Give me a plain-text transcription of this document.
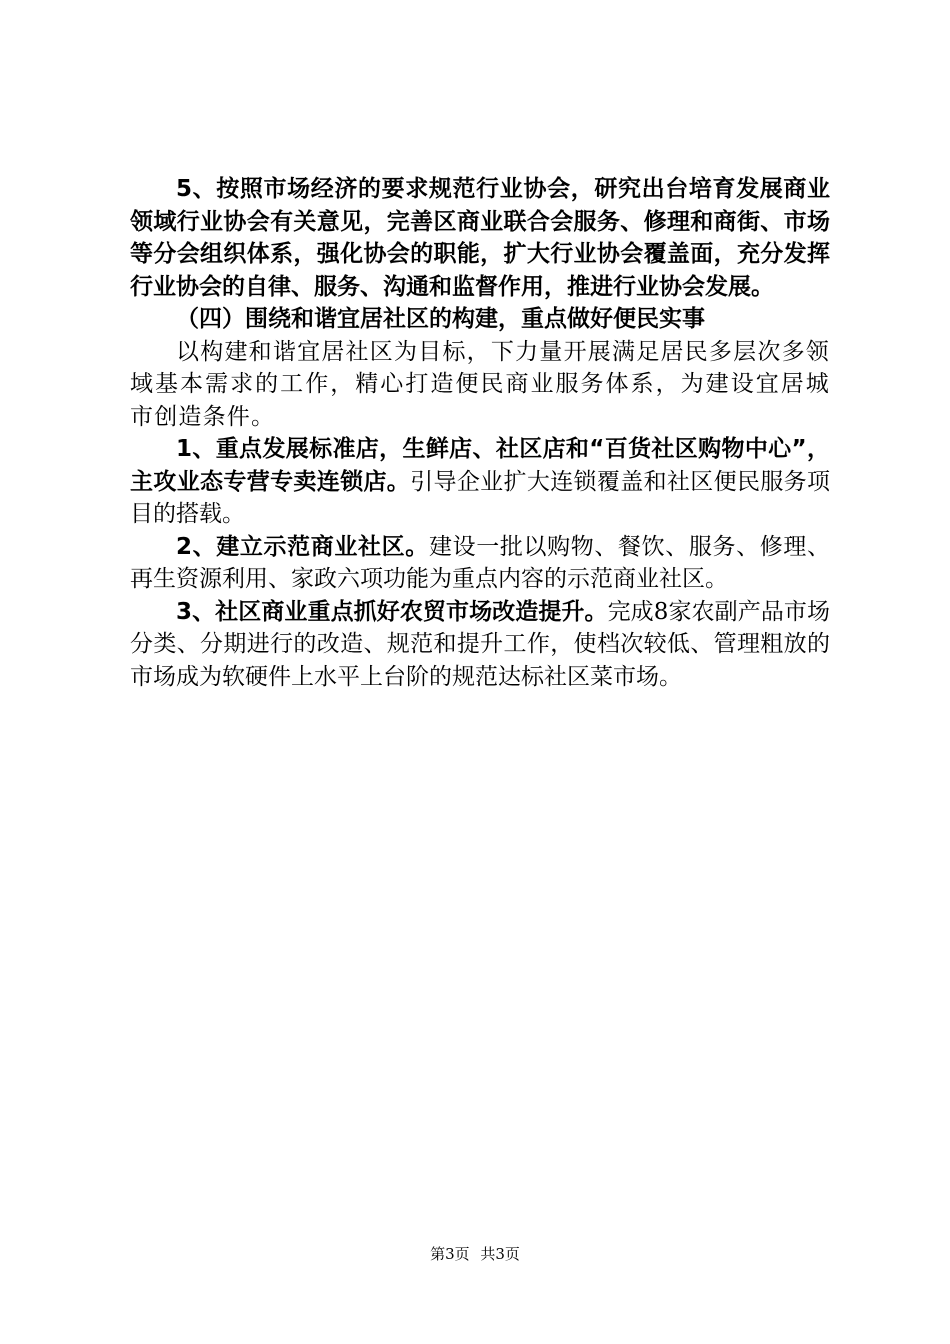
5、按照市场经济的要求规范行业协会，研究出台培育发展商业领域行业协会有关意见，完善区商业联合会服务、修理和商街、市场等分会组织体系，强化协会的职能，扩大行业协会覆盖面，充分发挥行业协会的自律、服务、沟通和监督作用，推进行业协会发展。

（四）围绕和谐宜居社区的构建，重点做好便民实事

以构建和谐宜居社区为目标，下力量开展满足居民多层次多领域基本需求的工作，精心打造便民商业服务体系，为建设宜居城市创造条件。

1、重点发展标准店，生鲜店、社区店和“百货社区购物中心”，主攻业态专营专卖连锁店。引导企业扩大连锁覆盖和社区便民服务项目的搭载。

2、建立示范商业社区。建设一批以购物、餐饮、服务、修理、再生资源利用、家政六项功能为重点内容的示范商业社区。

3、社区商业重点抓好农贸市场改造提升。完成8家农副产品市场分类、分期进行的改造、规范和提升工作，使档次较低、管理粗放的市场成为软硬件上水平上台阶的规范达标社区菜市场。

第3页 共3页
